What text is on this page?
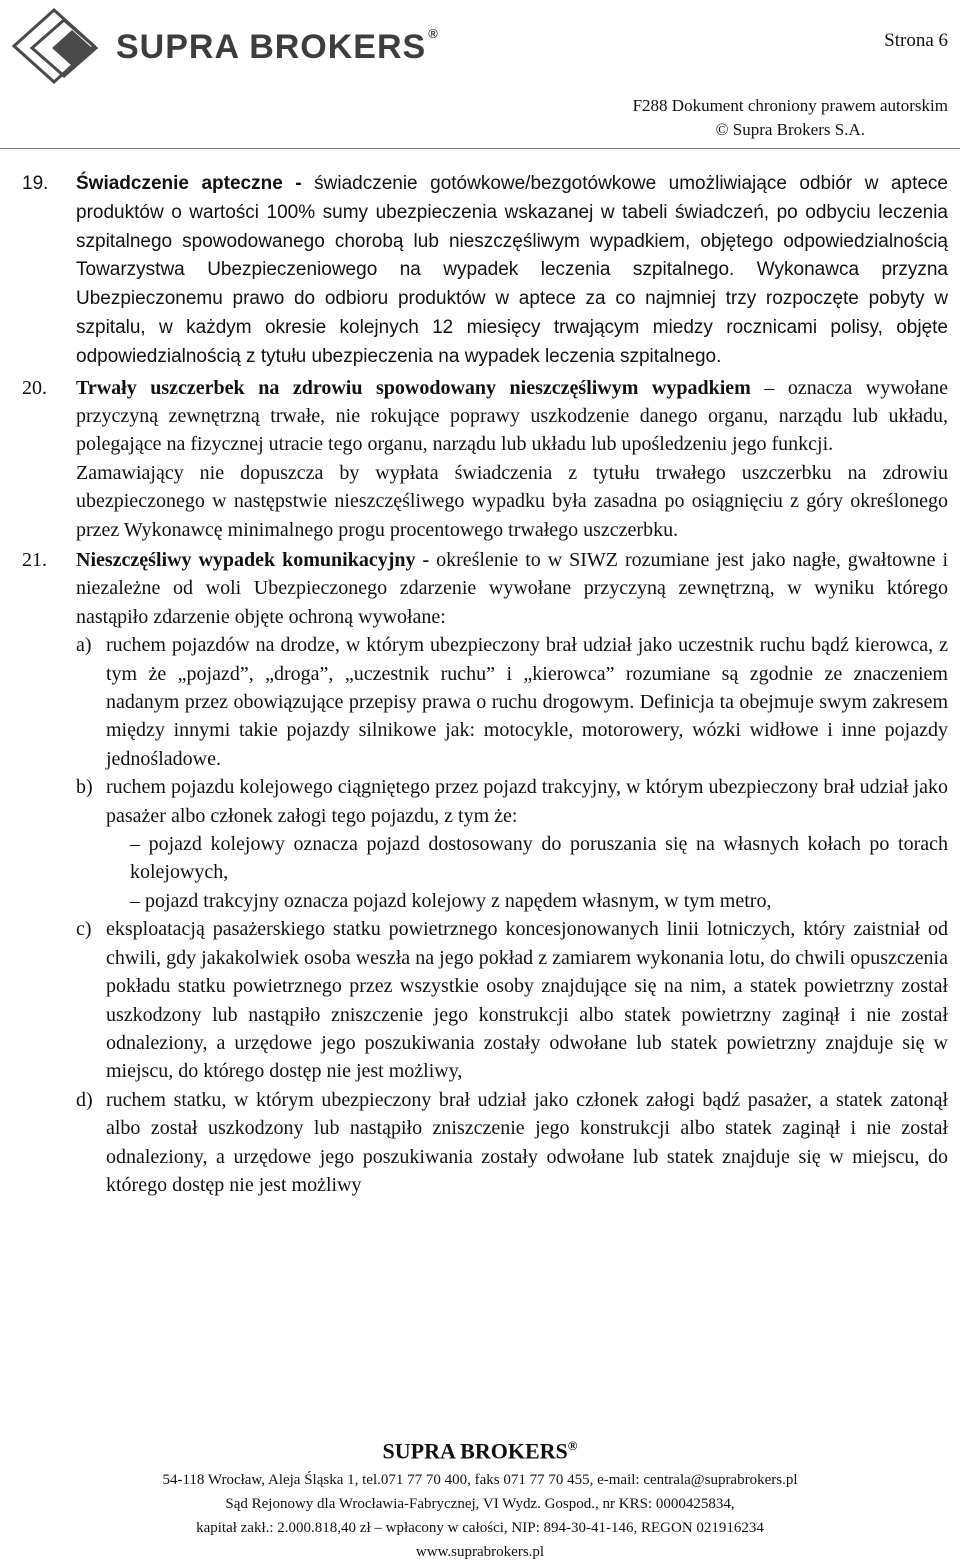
SUPRA BROKERS ®	Strona 6
F288 Dokument chroniony prawem autorskim
© Supra Brokers S.A.
19.	Świadczenie apteczne - świadczenie gotówkowe/bezgotówkowe umożliwiające odbiór w aptece produktów o wartości 100% sumy ubezpieczenia wskazanej w tabeli świadczeń, po odbyciu leczenia szpitalnego spowodowanego chorobą lub nieszczęśliwym wypadkiem, objętego odpowiedzialnością Towarzystwa Ubezpieczeniowego na wypadek leczenia szpitalnego. Wykonawca przyzna Ubezpieczonemu prawo do odbioru produktów w aptece za co najmniej trzy rozpoczęte pobyty w szpitalu, w każdym okresie kolejnych 12 miesięcy trwającym miedzy rocznicami polisy, objęte odpowiedzialnością z tytułu ubezpieczenia na wypadek leczenia szpitalnego.

20.	Trwały uszczerbek na zdrowiu spowodowany nieszczęśliwym wypadkiem – oznacza wywołane przyczyną zewnętrzną trwałe, nie rokujące poprawy uszkodzenie danego organu, narządu lub układu, polegające na fizycznej utracie tego organu, narządu lub układu lub upośledzeniu jego funkcji.

Zamawiający nie dopuszcza by wypłata świadczenia z tytułu trwałego uszczerbku na zdrowiu ubezpieczonego w następstwie nieszczęśliwego wypadku była zasadna po osiągnięciu z góry określonego przez Wykonawcę minimalnego progu procentowego trwałego uszczerbku.

21.	Nieszczęśliwy wypadek komunikacyjny - określenie to w SIWZ rozumiane jest jako nagłe, gwałtowne i niezależne od woli Ubezpieczonego zdarzenie wywołane przyczyną zewnętrzną, w wyniku którego nastąpiło zdarzenie objęte ochroną wywołane:

a) ruchem pojazdów na drodze, w którym ubezpieczony brał udział jako uczestnik ruchu bądź kierowca, z tym że „pojazd”, „droga”, „uczestnik ruchu” i „kierowca” rozumiane są zgodnie ze znaczeniem nadanym przez obowiązujące przepisy prawa o ruchu drogowym. Definicja ta obejmuje swym zakresem między innymi takie pojazdy silnikowe jak: motocykle, motorowery, wózki widłowe i inne pojazdy jednośladowe.
b) ruchem pojazdu kolejowego ciągniętego przez pojazd trakcyjny, w którym ubezpieczony brał udział jako pasażer albo członek załogi tego pojazdu, z tym że:

– pojazd kolejowy oznacza pojazd dostosowany do poruszania się na własnych kołach po torach kolejowych,

– pojazd trakcyjny oznacza pojazd kolejowy z napędem własnym, w tym metro,

c) eksploatacją pasażerskiego statku powietrznego koncesjonowanych linii lotniczych, który zaistniał od chwili, gdy jakakolwiek osoba weszła na jego pokład z zamiarem wykonania lotu, do chwili opuszczenia pokładu statku powietrznego przez wszystkie osoby znajdujące się na nim, a statek powietrzny został uszkodzony lub nastąpiło zniszczenie jego konstrukcji albo statek powietrzny zaginął i nie został odnaleziony, a urzędowe jego poszukiwania zostały odwołane lub statek powietrzny znajduje się w miejscu, do którego dostęp nie jest możliwy,
d) ruchem statku, w którym ubezpieczony brał udział jako członek załogi bądź pasażer, a statek zatonął albo został uszkodzony lub nastąpiło zniszczenie jego konstrukcji albo statek zaginął i nie został odnaleziony, a urzędowe jego poszukiwania zostały odwołane lub statek znajduje się w miejscu, do którego dostęp nie jest możliwy
SUPRA BROKERS®
54-118 Wrocław, Aleja Śląska 1, tel.071 77 70 400, faks 071 77 70 455, e-mail: centrala@suprabrokers.pl
Sąd Rejonowy dla Wrocławia-Fabrycznej, VI Wydz. Gospod., nr KRS: 0000425834,
kapitał zakł.: 2.000.818,40 zł – wpłacony w całości, NIP: 894-30-41-146, REGON 021916234
www.suprabrokers.pl
